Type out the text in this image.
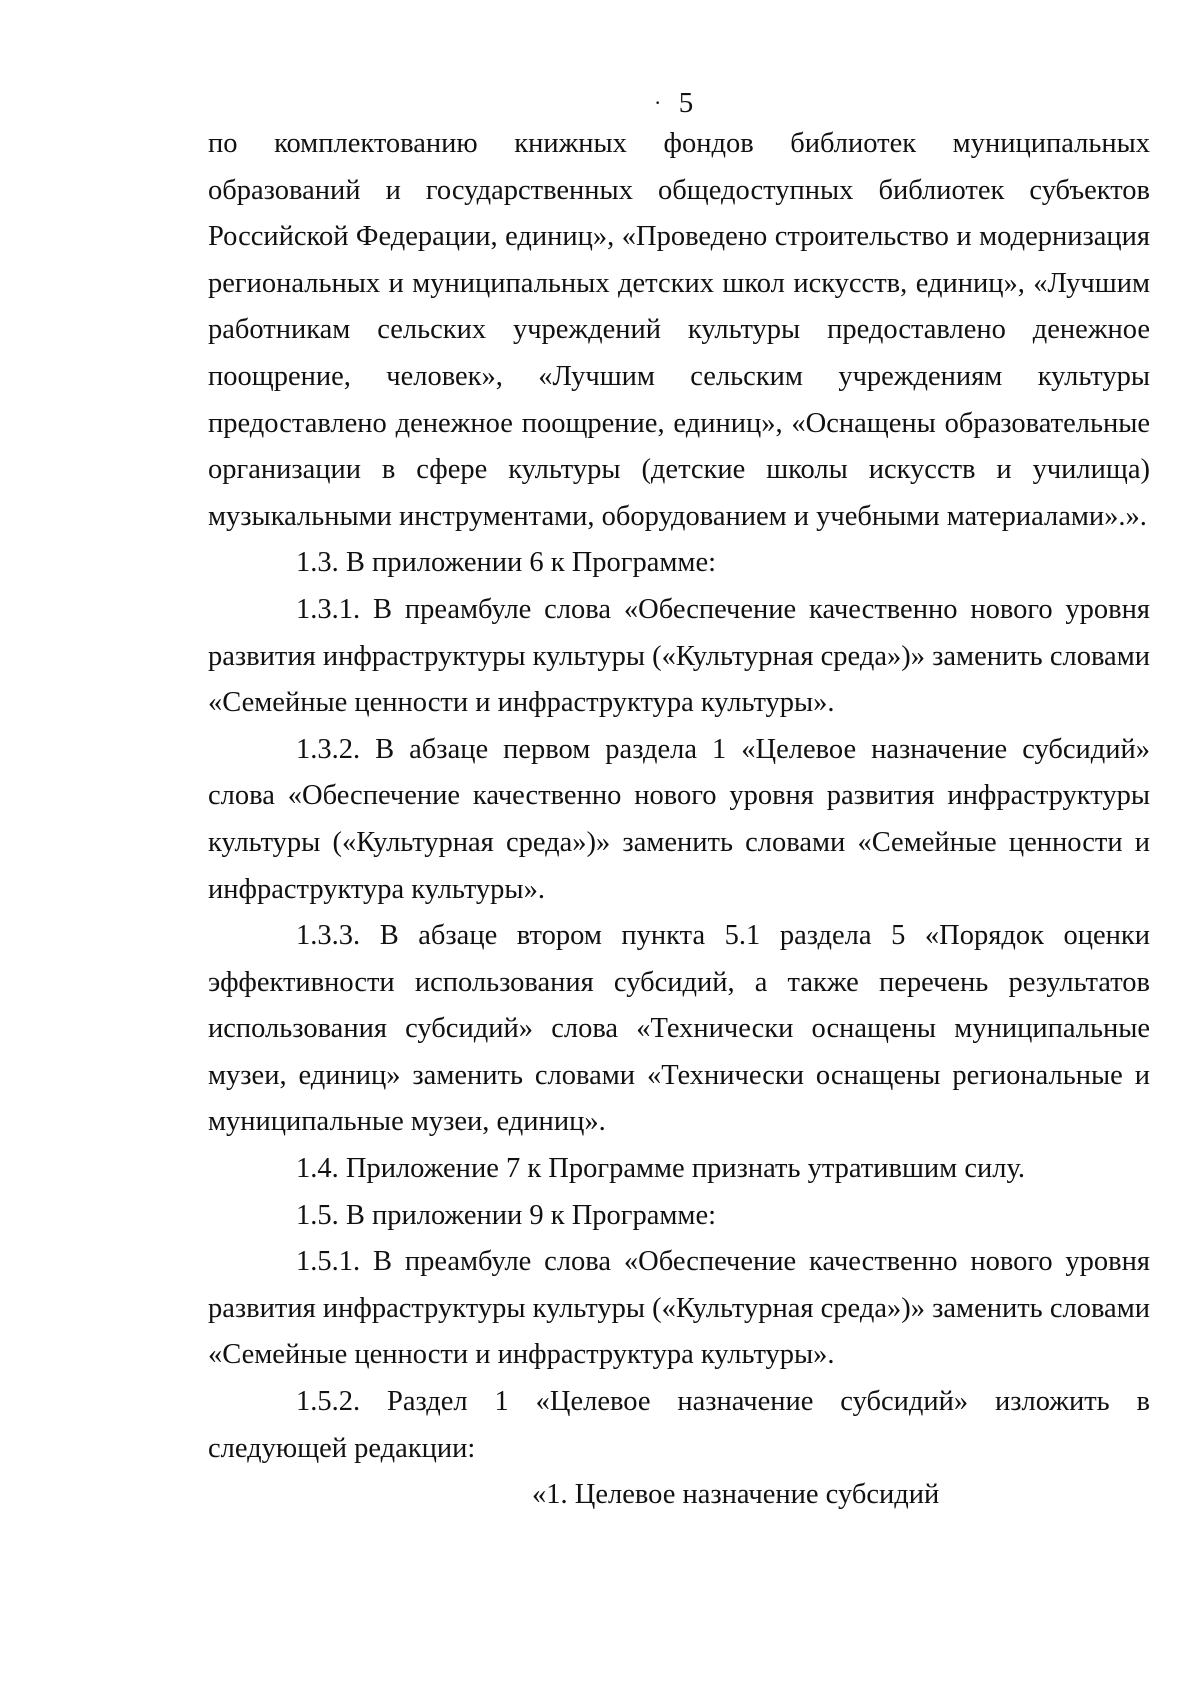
· 5

по комплектованию книжных фондов библиотек муниципальных образований и государственных общедоступных библиотек субъектов Российской Федерации, единиц», «Проведено строительство и модернизация региональных и муниципальных детских школ искусств, единиц», «Лучшим работникам сельских учреждений культуры предоставлено денежное поощрение, человек», «Лучшим сельским учреждениям культуры предоставлено денежное поощрение, единиц», «Оснащены образовательные организации в сфере культуры (детские школы искусств и училища) музыкальными инструментами, оборудованием и учебными материалами».».

1.3. В приложении 6 к Программе:

1.3.1. В преамбуле слова «Обеспечение качественно нового уровня развития инфраструктуры культуры («Культурная среда»)» заменить словами «Семейные ценности и инфраструктура культуры».

1.3.2. В абзаце первом раздела 1 «Целевое назначение субсидий» слова «Обеспечение качественно нового уровня развития инфраструктуры культуры («Культурная среда»)» заменить словами «Семейные ценности и инфраструктура культуры».

1.3.3. В абзаце втором пункта 5.1 раздела 5 «Порядок оценки эффективности использования субсидий, а также перечень результатов использования субсидий» слова «Технически оснащены муниципальные музеи, единиц» заменить словами «Технически оснащены региональные и муниципальные музеи, единиц».

1.4. Приложение 7 к Программе признать утратившим силу.

1.5. В приложении 9 к Программе:

1.5.1. В преамбуле слова «Обеспечение качественно нового уровня развития инфраструктуры культуры («Культурная среда»)» заменить словами «Семейные ценности и инфраструктура культуры».

1.5.2. Раздел 1 «Целевое назначение субсидий» изложить в следующей редакции:

«1. Целевое назначение субсидий
